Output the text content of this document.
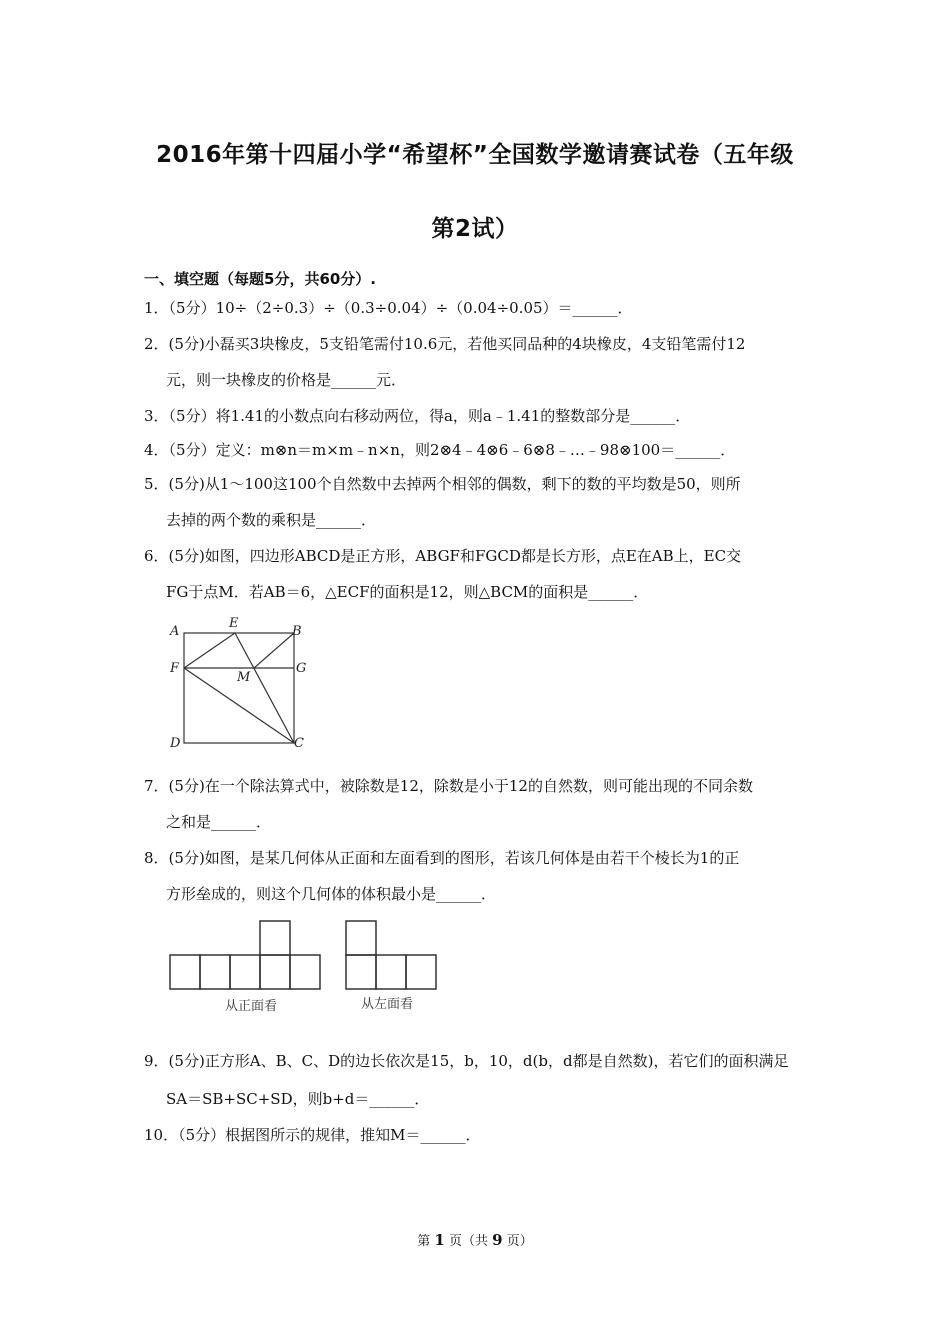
2016年第十四届小学“希望杯”全国数学邀请赛试卷（五年级
第2试）
一、填空题（每题5分，共60分）.
1．（5分）10÷（2÷0.3）÷（0.3÷0.04）÷（0.04÷0.05）＝______．
2．(5分)小磊买3块橡皮，5支铅笔需付10.6元，若他买同品种的4块橡皮，4支铅笔需付12
元，则一块橡皮的价格是______元．
3．（5分）将1.41的小数点向右移动两位，得a，则a﹣1.41的整数部分是______．
4．（5分）定义：m⊗n＝m×m﹣n×n，则2⊗4﹣4⊗6﹣6⊗8﹣…﹣98⊗100＝______．
5．(5分)从1～100这100个自然数中去掉两个相邻的偶数，剩下的数的平均数是50，则所
去掉的两个数的乘积是______．
6．(5分)如图，四边形ABCD是正方形，ABGF和FGCD都是长方形，点E在AB上，EC交
FG于点M．若AB＝6，△ECF的面积是12，则△BCM的面积是______．
A
E
B
F
M
G
D	C
7．(5分)在一个除法算式中，被除数是12，除数是小于12的自然数，则可能出现的不同余数
之和是______．
8．(5分)如图，是某几何体从正面和左面看到的图形，若该几何体是由若干个棱长为1的正
方形垒成的，则这个几何体的体积最小是______．
从正面看	从左面看
9．(5分)正方形A、B、C、D的边长依次是15，b，10，d(b，d都是自然数)，若它们的面积满足
SA＝SB+SC+SD，则b+d＝______．
10．（5分）根据图所示的规律，推知M＝______．
第 1 页（共 9 页）
